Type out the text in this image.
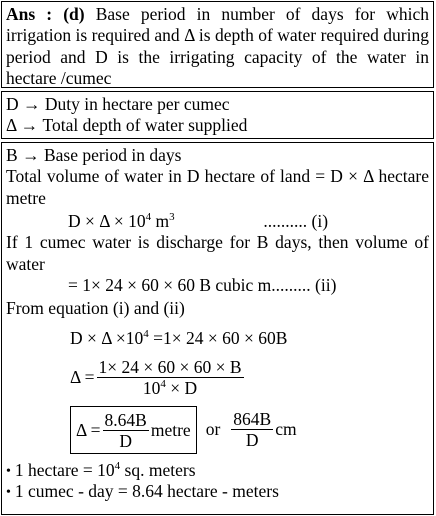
Ans : (d) Base period in number of days for which irrigation is required and Δ is depth of water required during period and D is the irrigating capacity of the water in hectare /cumec
D → Duty in hectare per cumec
Δ → Total depth of water supplied
B → Base period in days
Total volume of water in D hectare of land = D × Δ hectare metre
$D \times \Delta \times 10^4$ $m^3$	.......... (i)
If 1 cumec water is discharge for B days, then volume of water
= 1× 24 × 60 × 60 B cubic m......... (ii)
From equation (i) and (ii)
$D \times \Delta \times 10^4 =1\times 24 \times 60 \times 60B$
$\Delta = \frac{1\times 24 \times 60 \times 60 \times B}{10^4 \times D}$
$\Delta = \frac{8.64B}{D}$ metre or $\frac{864B}{D}$ cm
• 1 hectare = $10^4$ sq. meters
• 1 cumec - day = 8.64 hectare - meters
